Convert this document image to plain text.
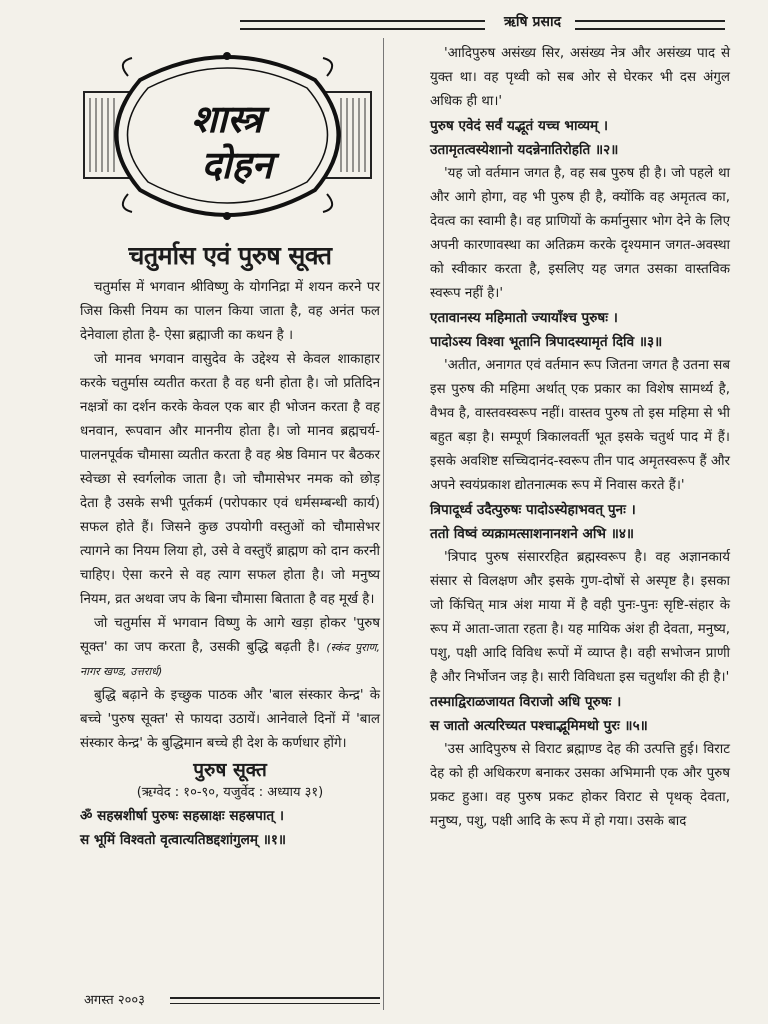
ऋषि प्रसाद
शास्त्र
दोहन
चतुर्मास एवं पुरुष सूक्त

चतुर्मास में भगवान श्रीविष्णु के योगनिद्रा में शयन करने पर जिस किसी नियम का पालन किया जाता है, वह अनंत फल देनेवाला होता है- ऐसा ब्रह्माजी का कथन है ।

जो मानव भगवान वासुदेव के उद्देश्य से केवल शाकाहार करके चतुर्मास व्यतीत करता है वह धनी होता है। जो प्रतिदिन नक्षत्रों का दर्शन करके केवल एक बार ही भोजन करता है वह धनवान, रूपवान और माननीय होता है। जो मानव ब्रह्मचर्य-पालनपूर्वक चौमासा व्यतीत करता है वह श्रेष्ठ विमान पर बैठकर स्वेच्छा से स्वर्गलोक जाता है। जो चौमासेभर नमक को छोड़ देता है उसके सभी पूर्तकर्म (परोपकार एवं धर्मसम्बन्धी कार्य) सफल होते हैं। जिसने कुछ उपयोगी वस्तुओं को चौमासेभर त्यागने का नियम लिया हो, उसे वे वस्तुएँ ब्राह्मण को दान करनी चाहिए। ऐसा करने से वह त्याग सफल होता है। जो मनुष्य नियम, व्रत अथवा जप के बिना चौमासा बिताता है वह मूर्ख है।

जो चतुर्मास में भगवान विष्णु के आगे खड़ा होकर 'पुरुष सूक्त' का जप करता है, उसकी बुद्धि बढ़ती है। (स्कंद पुराण, नागर खण्ड, उत्तरार्ध)

बुद्धि बढ़ाने के इच्छुक पाठक और 'बाल संस्कार केन्द्र' के बच्चे 'पुरुष सूक्त' से फायदा उठायें। आनेवाले दिनों में 'बाल संस्कार केन्द्र' के बुद्धिमान बच्चे ही देश के कर्णधार होंगे।

पुरुष सूक्त
(ऋग्वेद : १०-९०, यजुर्वेद : अध्याय ३१)
ॐ सहस्रशीर्षा पुरुषः सहस्राक्षः सहस्रपात् ।
स भूमिं विश्वतो वृत्वात्यतिष्ठद्दशांगुलम् ॥१॥

'आदिपुरुष असंख्य सिर, असंख्य नेत्र और असंख्य पाद से युक्त था। वह पृथ्वी को सब ओर से घेरकर भी दस अंगुल अधिक ही था।'

पुरुष एवेदं सर्वं यद्भूतं यच्च भाव्यम् ।
उतामृतत्वस्येशानो यदन्नेनातिरोहति ॥२॥

'यह जो वर्तमान जगत है, वह सब पुरुष ही है। जो पहले था और आगे होगा, वह भी पुरुष ही है, क्योंकि वह अमृतत्व का, देवत्व का स्वामी है। वह प्राणियों के कर्मानुसार भोग देने के लिए अपनी कारणावस्था का अतिक्रम करके दृश्यमान जगत-अवस्था को स्वीकार करता है, इसलिए यह जगत उसका वास्तविक स्वरूप नहीं है।'

एतावानस्य महिमातो ज्यायाँश्च पुरुषः ।
पादोऽस्य विश्वा भूतानि त्रिपादस्यामृतं दिवि ॥३॥

'अतीत, अनागत एवं वर्तमान रूप जितना जगत है उतना सब इस पुरुष की महिमा अर्थात् एक प्रकार का विशेष सामर्थ्य है, वैभव है, वास्तवस्वरूप नहीं। वास्तव पुरुष तो इस महिमा से भी बहुत बड़ा है। सम्पूर्ण त्रिकालवर्ती भूत इसके चतुर्थ पाद में हैं। इसके अवशिष्ट सच्चिदानंद-स्वरूप तीन पाद अमृतस्वरूप हैं और अपने स्वयंप्रकाश द्योतनात्मक रूप में निवास करते हैं।'

त्रिपादूर्ध्व उदैत्पुरुषः पादोऽस्येहाभवत् पुनः ।
ततो विष्वं व्यक्रामत्साशनानशने अभि ॥४॥

'त्रिपाद पुरुष संसाररहित ब्रह्मस्वरूप है। वह अज्ञानकार्य संसार से विलक्षण और इसके गुण-दोषों से अस्पृष्ट है। इसका जो किंचित् मात्र अंश माया में है वही पुनः-पुनः सृष्टि-संहार के रूप में आता-जाता रहता है। यह मायिक अंश ही देवता, मनुष्य, पशु, पक्षी आदि विविध रूपों में व्याप्त है। वही सभोजन प्राणी है और निर्भोजन जड़ है। सारी विविधता इस चतुर्थांश की ही है।'

तस्माद्विराळजायत विराजो अधि पूरुषः ।
स जातो अत्यरिच्यत पश्चाद्भूमिमथो पुरः ॥५॥

'उस आदिपुरुष से विराट ब्रह्माण्ड देह की उत्पत्ति हुई। विराट देह को ही अधिकरण बनाकर उसका अभिमानी एक और पुरुष प्रकट हुआ। वह पुरुष प्रकट होकर विराट से पृथक् देवता, मनुष्य, पशु, पक्षी आदि के रूप में हो गया। उसके बाद

अगस्त २००३
